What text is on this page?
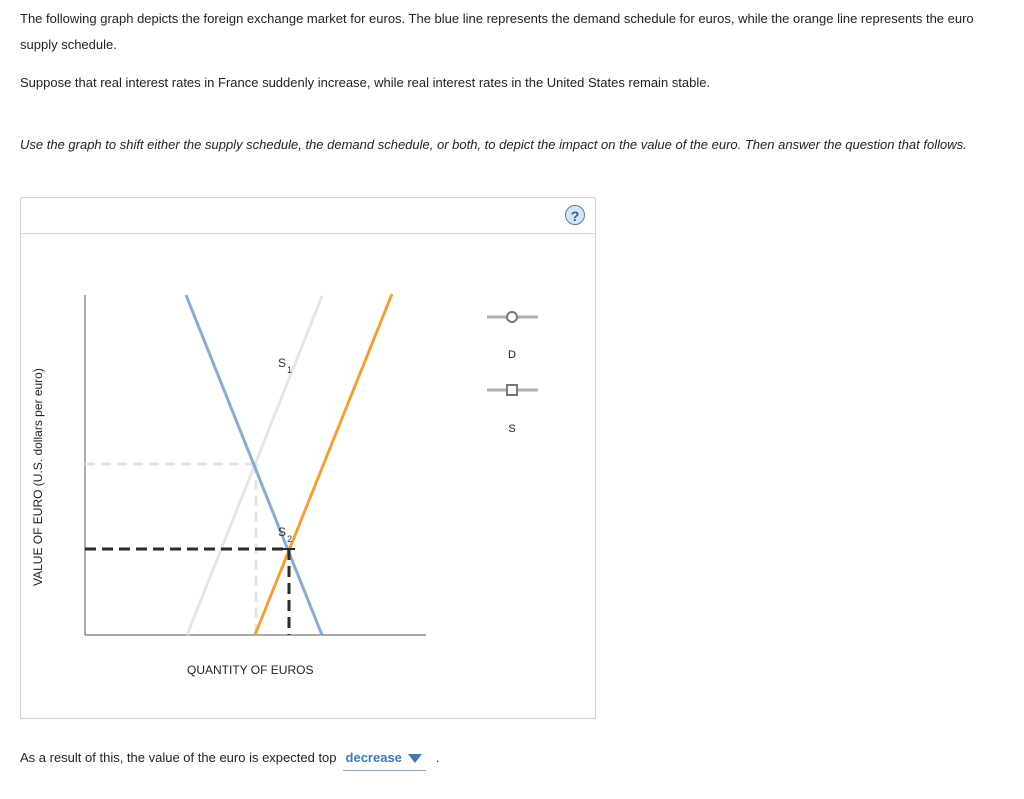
The following graph depicts the foreign exchange market for euros. The blue line represents the demand schedule for euros, while the orange line represents the euro supply schedule.

Suppose that real interest rates in France suddenly increase, while real interest rates in the United States remain stable.

Use the graph to shift either the supply schedule, the demand schedule, or both, to depict the impact on the value of the euro. Then answer the question that follows.

?
VALUE OF EURO (U.S. dollars per euro)
S 1
S 2
QUANTITY OF EUROS
D
S
As a result of this, the value of the euro is expected top decrease	.
